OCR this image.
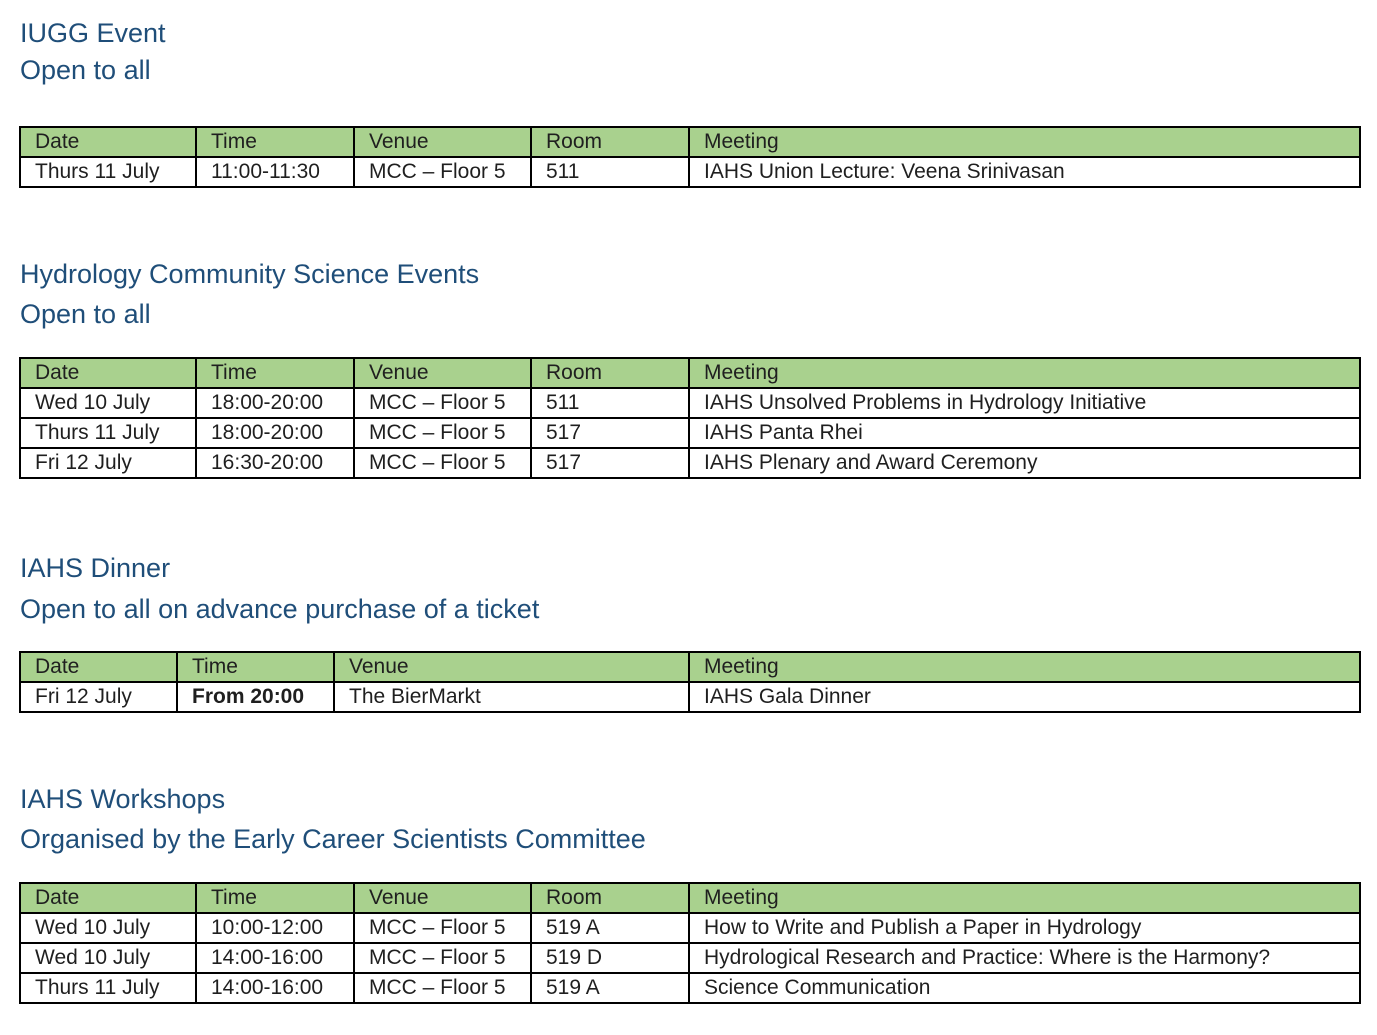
IUGG Event
Open to all
Date	Time	Venue	Room	Meeting
Thurs 11 July	11:00-11:30	MCC – Floor 5	511	IAHS Union Lecture: Veena Srinivasan
Hydrology Community Science Events
Open to all
Date	Time	Venue	Room	Meeting
Wed 10 July	18:00-20:00	MCC – Floor 5	511	IAHS Unsolved Problems in Hydrology Initiative
Thurs 11 July	18:00-20:00	MCC – Floor 5	517	IAHS Panta Rhei
Fri 12 July	16:30-20:00	MCC – Floor 5	517	IAHS Plenary and Award Ceremony
IAHS Dinner
Open to all on advance purchase of a ticket
Date	Time	Venue	Meeting
Fri 12 July	From 20:00	The BierMarkt	IAHS Gala Dinner
IAHS Workshops
Organised by the Early Career Scientists Committee
Date	Time	Venue	Room	Meeting
Wed 10 July	10:00-12:00	MCC – Floor 5	519 A	How to Write and Publish a Paper in Hydrology
Wed 10 July	14:00-16:00	MCC – Floor 5	519 D	Hydrological Research and Practice: Where is the Harmony?
Thurs 11 July	14:00-16:00	MCC – Floor 5	519 A	Science Communication
